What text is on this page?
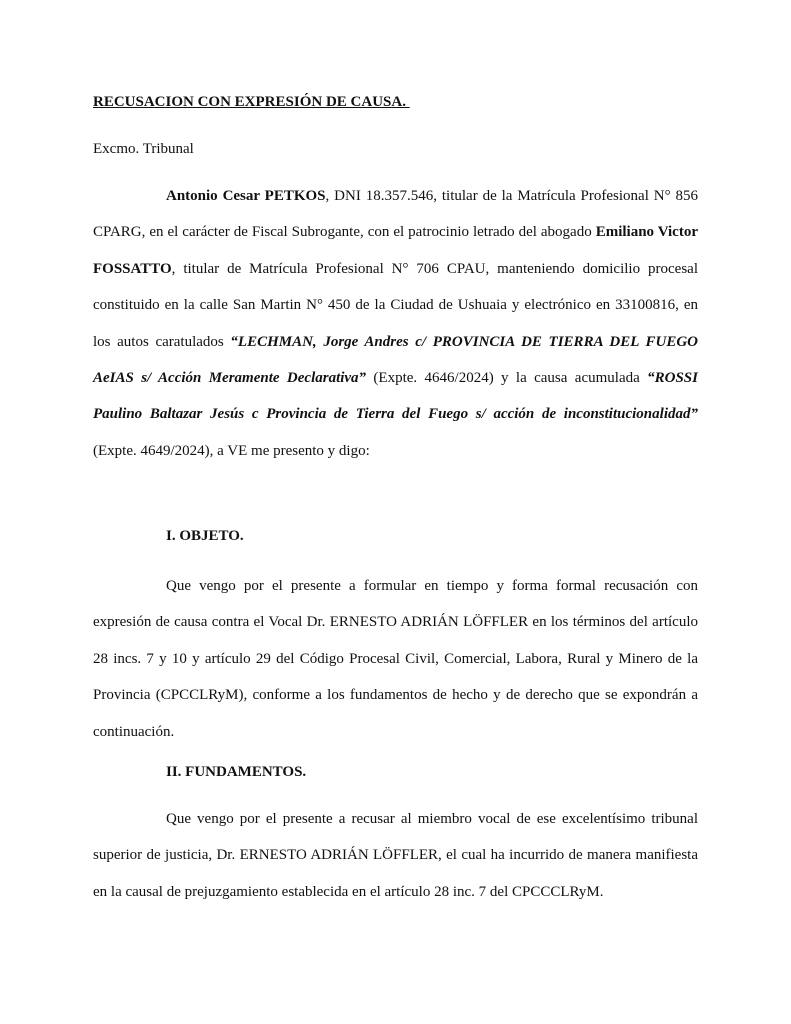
RECUSACION CON EXPRESIÓN DE CAUSA.
Excmo. Tribunal
Antonio Cesar PETKOS, DNI 18.357.546, titular de la Matrícula Profesional N° 856 CPARG, en el carácter de Fiscal Subrogante, con el patrocinio letrado del abogado Emiliano Victor FOSSATTO, titular de Matrícula Profesional N° 706 CPAU, manteniendo domicilio procesal constituido en la calle San Martin N° 450 de la Ciudad de Ushuaia y electrónico en 33100816, en los autos caratulados “LECHMAN, Jorge Andres c/ PROVINCIA DE TIERRA DEL FUEGO AeIAS s/ Acción Meramente Declarativa” (Expte. 4646/2024) y la causa acumulada “ROSSI Paulino Baltazar Jesús c Provincia de Tierra del Fuego s/ acción de inconstitucionalidad” (Expte. 4649/2024), a VE me presento y digo:
I. OBJETO.
Que vengo por el presente a formular en tiempo y forma formal recusación con expresión de causa contra el Vocal Dr. ERNESTO ADRIÁN LÖFFLER en los términos del artículo 28 incs. 7 y 10 y artículo 29 del Código Procesal Civil, Comercial, Labora, Rural y Minero de la Provincia (CPCCLRyM), conforme a los fundamentos de hecho y de derecho que se expondrán a continuación.
II. FUNDAMENTOS.
Que vengo por el presente a recusar al miembro vocal de ese excelentísimo tribunal superior de justicia, Dr. ERNESTO ADRIÁN LÖFFLER, el cual ha incurrido de manera manifiesta en la causal de prejuzgamiento establecida en el artículo 28 inc. 7 del CPCCCLRyM.
